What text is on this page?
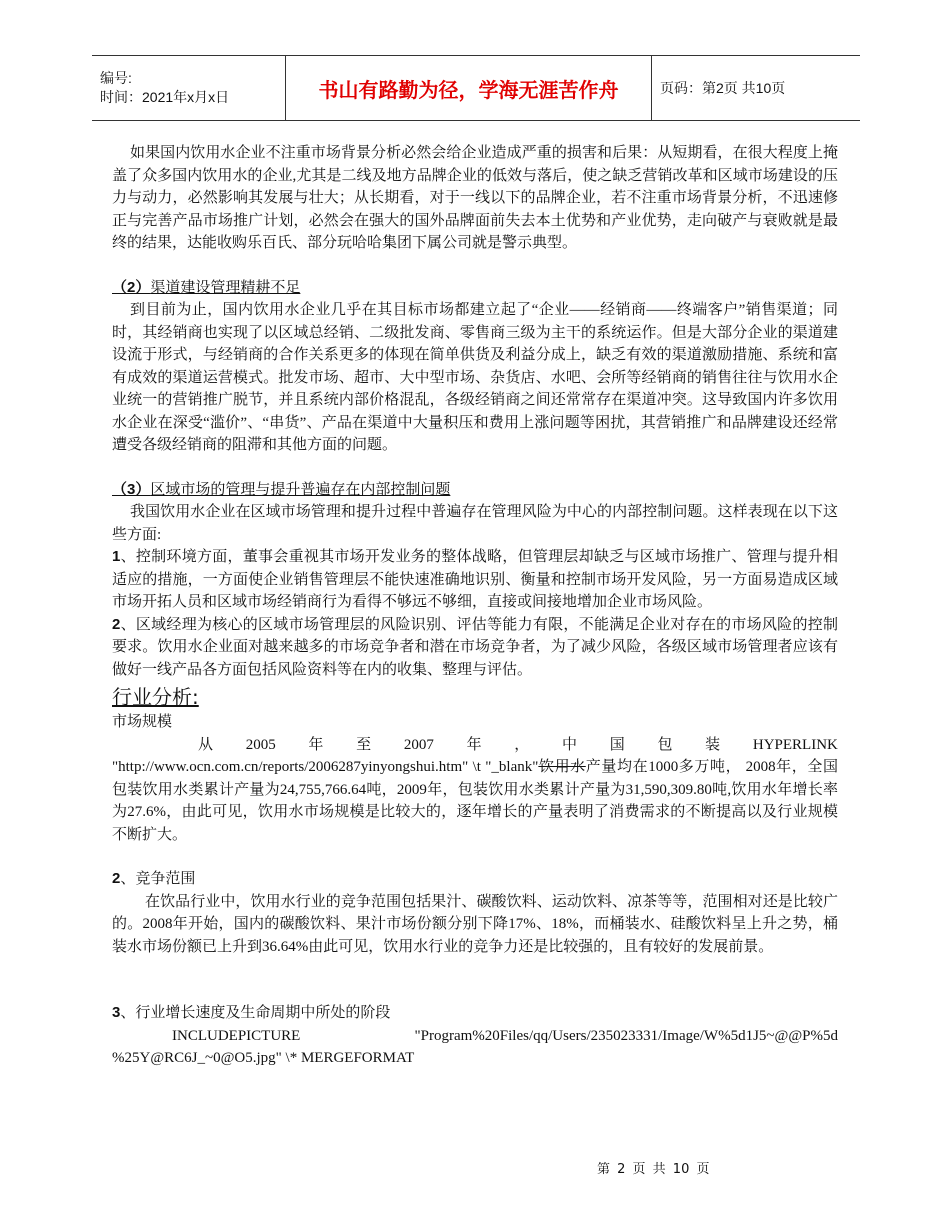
编号:
时间：2021年x月x日	书山有路勤为径，学海无涯苦作舟	页码：第2页 共10页

如果国内饮用水企业不注重市场背景分析必然会给企业造成严重的损害和后果：从短期看，在很大程度上掩盖了众多国内饮用水的企业,尤其是二线及地方品牌企业的低效与落后，使之缺乏营销改革和区域市场建设的压力与动力，必然影响其发展与壮大；从长期看，对于一线以下的品牌企业，若不注重市场背景分析，不迅速修正与完善产品市场推广计划，必然会在强大的国外品牌面前失去本土优势和产业优势，走向破产与衰败就是最终的结果，达能收购乐百氏、部分玩哈哈集团下属公司就是警示典型。

（2）渠道建设管理精耕不足

到目前为止，国内饮用水企业几乎在其目标市场都建立起了“企业——经销商——终端客户”销售渠道；同时，其经销商也实现了以区域总经销、二级批发商、零售商三级为主干的系统运作。但是大部分企业的渠道建设流于形式，与经销商的合作关系更多的体现在简单供货及利益分成上，缺乏有效的渠道激励措施、系统和富有成效的渠道运营模式。批发市场、超市、大中型市场、杂货店、水吧、会所等经销商的销售往往与饮用水企业统一的营销推广脱节，并且系统内部价格混乱，各级经销商之间还常常存在渠道冲突。这导致国内许多饮用水企业在深受“滥价”、“串货”、产品在渠道中大量积压和费用上涨问题等困扰，其营销推广和品牌建设还经常遭受各级经销商的阻滞和其他方面的问题。

（3）区域市场的管理与提升普遍存在内部控制问题

我国饮用水企业在区域市场管理和提升过程中普遍存在管理风险为中心的内部控制问题。这样表现在以下这些方面:

1、控制环境方面，董事会重视其市场开发业务的整体战略，但管理层却缺乏与区域市场推广、管理与提升相适应的措施，一方面使企业销售管理层不能快速准确地识别、衡量和控制市场开发风险，另一方面易造成区域市场开拓人员和区域市场经销商行为看得不够远不够细，直接或间接地增加企业市场风险。

2、区域经理为核心的区域市场管理层的风险识别、评估等能力有限，不能满足企业对存在的市场风险的控制要求。饮用水企业面对越来越多的市场竞争者和潜在市场竞争者，为了减少风险，各级区域市场管理者应该有做好一线产品各方面包括风险资料等在内的收集、整理与评估。

行业分析:

市场规模

从 2005 年 至 2007 年 ， 中 国 包 装 HYPERLINK

"http://www.ocn.com.cn/reports/2006287yinyongshui.htm" \t "_blank"饮用水产量均在1000多万吨， 2008年，全国包装饮用水类累计产量为24,755,766.64吨，2009年，包装饮用水类累计产量为31,590,309.80吨,饮用水年增长率为27.6%，由此可见，饮用水市场规模是比较大的，逐年增长的产量表明了消费需求的不断提高以及行业规模不断扩大。

2、竞争范围

在饮品行业中，饮用水行业的竞争范围包括果汁、碳酸饮料、运动饮料、凉茶等等，范围相对还是比较广的。2008年开始，国内的碳酸饮料、果汁市场份额分别下降17%、18%，而桶装水、硅酸饮料呈上升之势，桶装水市场份额已上升到36.64%由此可见，饮用水行业的竞争力还是比较强的，且有较好的发展前景。

3、行业增长速度及生命周期中所处的阶段

INCLUDEPICTURE	"Program%20Files/qq/Users/235023331/Image/W%5d1J5~@@P%5d

%25Y@RC6J_~0@O5.jpg" \* MERGEFORMAT

第 2 页 共 10 页
